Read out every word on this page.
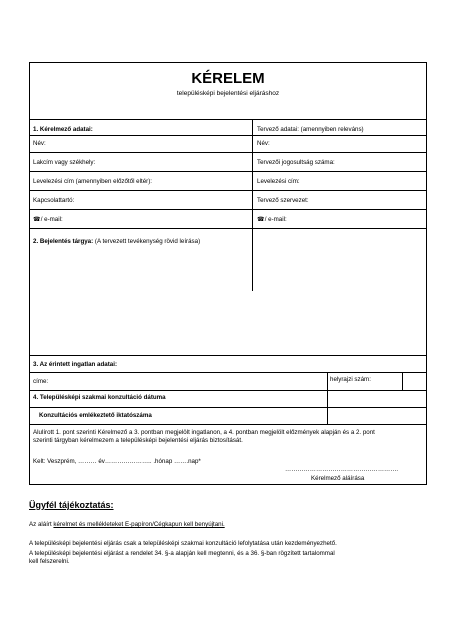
KÉRELEM
településképi bejelentési eljáráshoz
1. Kérelmező adatai:	Tervező adatai: (amennyiben releváns)
Név:	Név:
Lakcím vagy székhely:	Tervezői jogosultság száma:
Levelezési cím (amennyiben előzőtől eltér):	Levelezési cím:
Kapcsolattartó:	Tervező szervezet:
☎/ e-mail:	☎/ e-mail:
2. Bejelentés tárgya: (A tervezett tevékenység rövid leírása)
3. Az érintett ingatlan adatai:
címe:	helyrajzi szám:
4. Településképi szakmai konzultáció dátuma
Konzultációs emlékeztető iktatószáma
Alulírott 1. pont szerinti Kérelmező a 3. pontban megjelölt ingatlanon, a 4. pontban megjelölt előzmények alapján és a 2. pont
szerinti tárgyban kérelmezem a településképi bejelentési eljárás biztosítását.
Kelt: Veszprém, ……… év………………….. .hónap …….nap*
……………………………………………….
Kérelmező aláírása
Ügyfél tájékoztatás:
Az aláírt kérelmet és mellékleteket E-papíron/Cégkapun kell benyújtani.
A településképi bejelentési eljárás csak a településképi szakmai konzultáció lefolytatása után kezdeményezhető.
A településképi bejelentési eljárást a rendelet 34. §-a alapján kell megtenni, és a 36. §-ban rögzített tartalommal
kell felszerelni.
